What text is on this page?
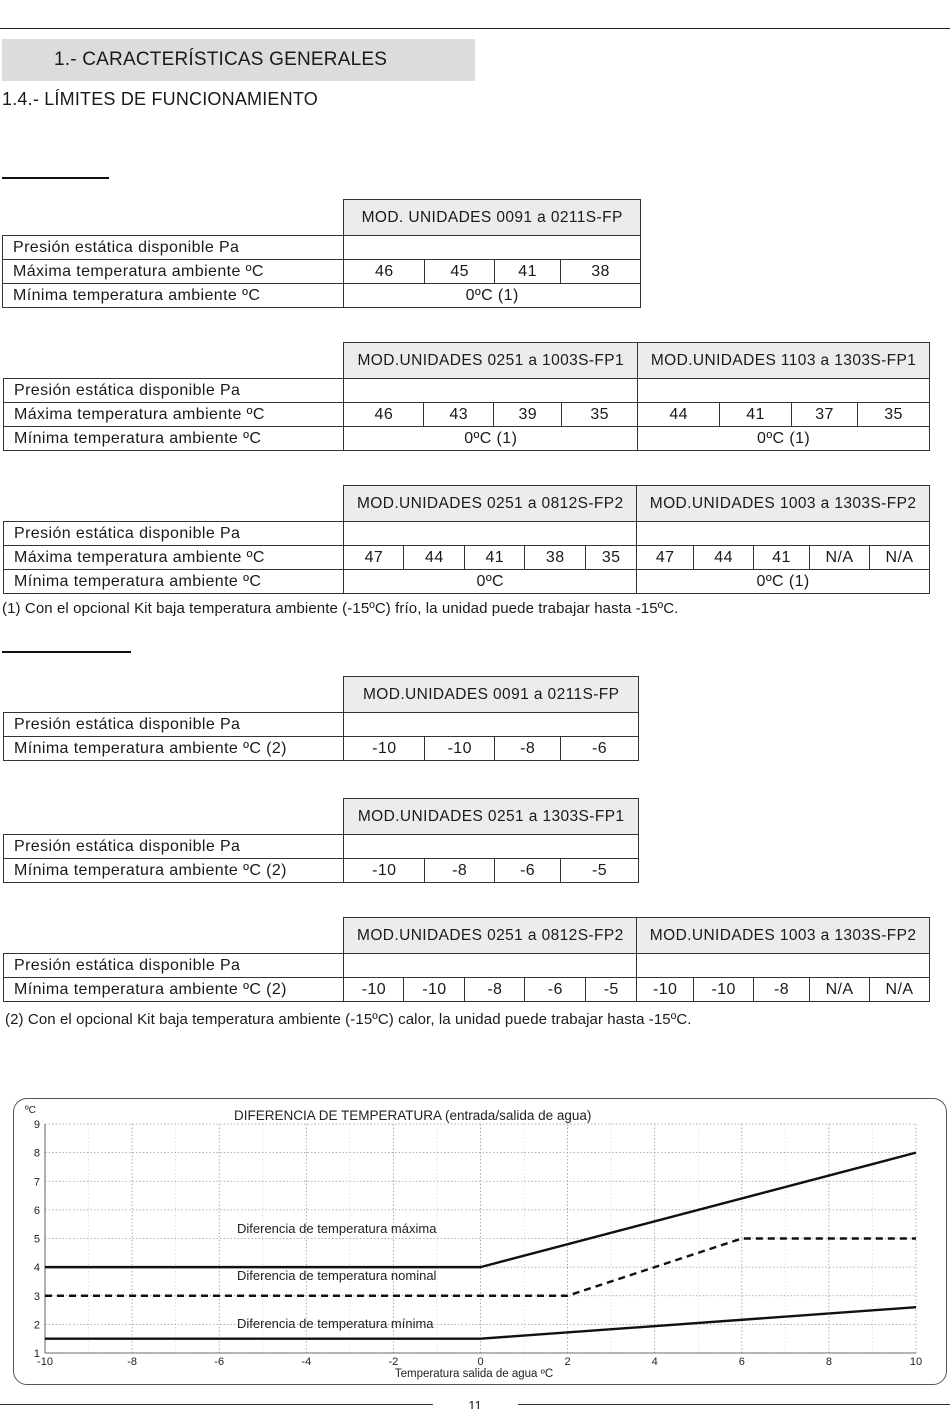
1.- CARACTERÍSTICAS GENERALES
1.4.- LÍMITES DE FUNCIONAMIENTO
	MOD. UNIDADES 0091 a 0211S-FP			
Presión estática disponible Pa				
Máxima temperatura ambiente ºC	46	45	41	38
Mínima temperatura ambiente ºC	0ºC (1)			
	MOD.UNIDADES 0251 a 1003S-FP1				MOD.UNIDADES 1103 a 1303S-FP1			
Presión estática disponible Pa								
Máxima temperatura ambiente ºC	46	43	39	35	44	41	37	35
Mínima temperatura ambiente ºC	0ºC (1)				0ºC (1)			
	MOD.UNIDADES 0251 a 0812S-FP2					MOD.UNIDADES 1003 a 1303S-FP2				
Presión estática disponible Pa										
Máxima temperatura ambiente ºC	47	44	41	38	35	47	44	41	N/A	N/A
Mínima temperatura ambiente ºC	0ºC					0ºC (1)				
(1) Con el opcional Kit baja temperatura ambiente (-15ºC) frío, la unidad puede trabajar hasta -15ºC.
	MOD.UNIDADES 0091 a 0211S-FP			
Presión estática disponible Pa				
Mínima temperatura ambiente ºC (2)	-10	-10	-8	-6
	MOD.UNIDADES 0251 a 1303S-FP1			
Presión estática disponible Pa				
Mínima temperatura ambiente ºC (2)	-10	-8	-6	-5
	MOD.UNIDADES 0251 a 0812S-FP2					MOD.UNIDADES 1003 a 1303S-FP2				
Presión estática disponible Pa										
Mínima temperatura ambiente ºC (2)	-10	-10	-8	-6	-5	-10	-10	-8	N/A	N/A
(2) Con el opcional Kit baja temperatura ambiente (-15ºC) calor, la unidad puede trabajar hasta -15ºC.
-10	-8	-6	-4	-2	0	2	4	6	8	10
1
2
3
4
5
6
7
8
9
ºC
Temperatura salida de agua ºC
DIFERENCIA DE TEMPERATURA (entrada/salida de agua)
Diferencia de temperatura máxima
Diferencia de temperatura nominal
Diferencia de temperatura mínima
11
